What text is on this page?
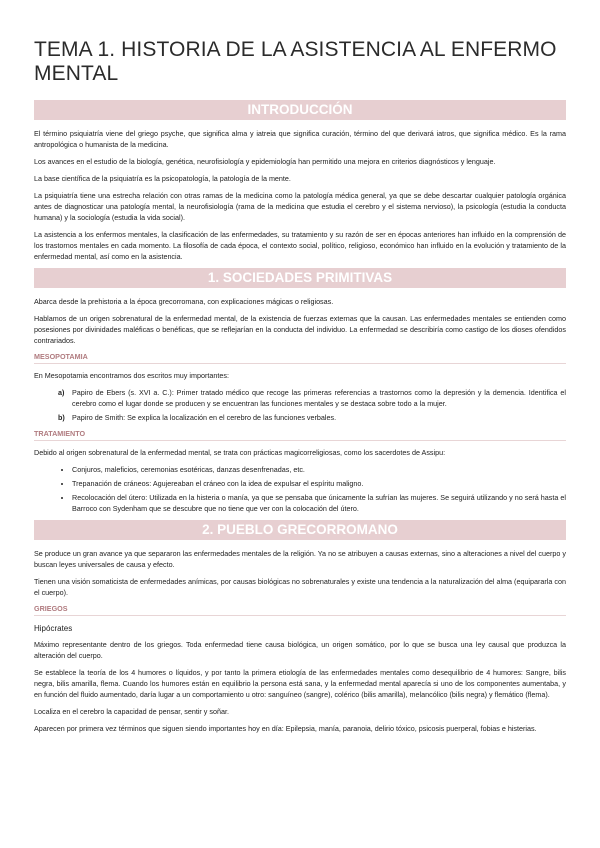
TEMA 1. HISTORIA DE LA ASISTENCIA AL ENFERMO MENTAL
INTRODUCCIÓN

El término psiquiatría viene del griego psyche, que significa alma y iatreia que significa curación, término del que derivará iatros, que significa médico. Es la rama antropológica o humanista de la medicina.

Los avances en el estudio de la biología, genética, neurofisiología y epidemiología han permitido una mejora en criterios diagnósticos y lenguaje.

La base científica de la psiquiatría es la psicopatología, la patología de la mente.

La psiquiatría tiene una estrecha relación con otras ramas de la medicina como la patología médica general, ya que se debe descartar cualquier patología orgánica antes de diagnosticar una patología mental, la neurofisiología (rama de la medicina que estudia el cerebro y el sistema nervioso), la psicología (estudia la conducta humana) y la sociología (estudia la vida social).

La asistencia a los enfermos mentales, la clasificación de las enfermedades, su tratamiento y su razón de ser en épocas anteriores han influido en la comprensión de los trastornos mentales en cada momento. La filosofía de cada época, el contexto social, político, religioso, económico han influido en la evolución y tratamiento de la enfermedad mental, así como en la asistencia.

1. SOCIEDADES PRIMITIVAS

Abarca desde la prehistoria a la época grecorromana, con explicaciones mágicas o religiosas.

Hablamos de un origen sobrenatural de la enfermedad mental, de la existencia de fuerzas externas que la causan. Las enfermedades mentales se entienden como posesiones por divinidades maléficas o benéficas, que se reflejarían en la conducta del individuo. La enfermedad se describiría como castigo de los dioses ofendidos contrariados.

MESOPOTAMIA

En Mesopotamia encontramos dos escritos muy importantes:

a) Papiro de Ebers (s. XVI a. C.): Primer tratado médico que recoge las primeras referencias a trastornos como la depresión y la demencia. Identifica el cerebro como el lugar donde se producen y se encuentran las funciones mentales y se destaca sobre todo a la mujer.
b) Papiro de Smith: Se explica la localización en el cerebro de las funciones verbales.
TRATAMIENTO

Debido al origen sobrenatural de la enfermedad mental, se trata con prácticas magicorreligiosas, como los sacerdotes de Assipu:

• Conjuros, maleficios, ceremonias esotéricas, danzas desenfrenadas, etc.
• Trepanación de cráneos: Agujereaban el cráneo con la idea de expulsar el espíritu maligno.
• Recolocación del útero: Utilizada en la histeria o manía, ya que se pensaba que únicamente la sufrían las mujeres. Se seguirá utilizando y no será hasta el Barroco con Sydenham que se descubre que no tiene que ver con la colocación del útero.
2. PUEBLO GRECORROMANO

Se produce un gran avance ya que separaron las enfermedades mentales de la religión. Ya no se atribuyen a causas externas, sino a alteraciones a nivel del cuerpo y buscan leyes universales de causa y efecto.

Tienen una visión somaticista de enfermedades anímicas, por causas biológicas no sobrenaturales y existe una tendencia a la naturalización del alma (equipararla con el cuerpo).

GRIEGOS
Hipócrates

Máximo representante dentro de los griegos. Toda enfermedad tiene causa biológica, un origen somático, por lo que se busca una ley causal que produzca la alteración del cuerpo.

Se establece la teoría de los 4 humores o líquidos, y por tanto la primera etiología de las enfermedades mentales como desequilibrio de 4 humores: Sangre, bilis negra, bilis amarilla, flema. Cuando los humores están en equilibrio la persona está sana, y la enfermedad mental aparecía si uno de los componentes aumentaba, y en función del fluido aumentado, daría lugar a un comportamiento u otro: sanguíneo (sangre), colérico (bilis amarilla), melancólico (bilis negra) y flemático (flema).

Localiza en el cerebro la capacidad de pensar, sentir y soñar.

Aparecen por primera vez términos que siguen siendo importantes hoy en día: Epilepsia, manía, paranoia, delirio tóxico, psicosis puerperal, fobias e histerias.
